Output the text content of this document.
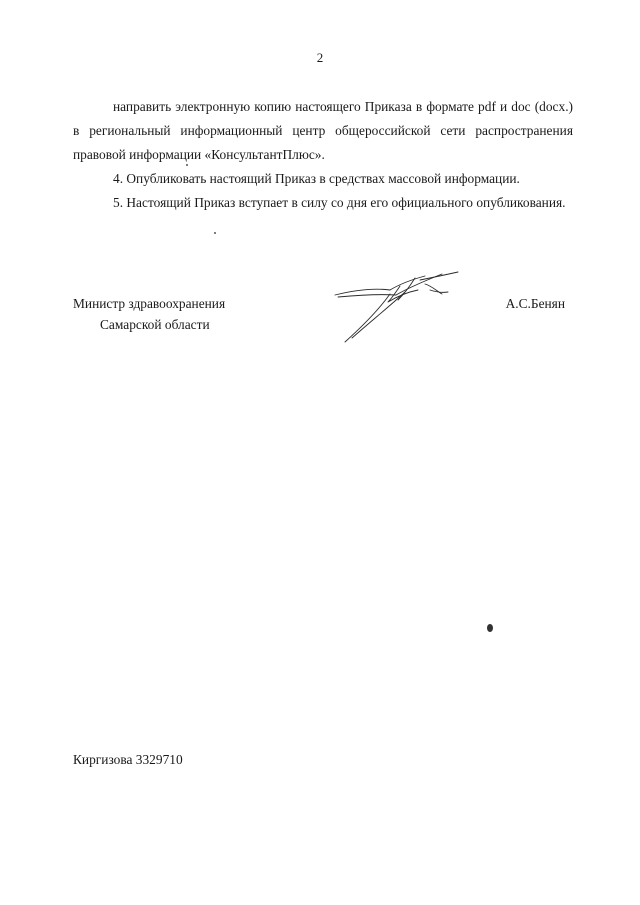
2

направить электронную копию настоящего Приказа в формате pdf и doc (docx.) в региональный информационный центр общероссийской сети распространения правовой информации «КонсультантПлюс».

4. Опубликовать настоящий Приказ в средствах массовой информации.

5. Настоящий Приказ вступает в силу со дня его официального опубликования.

Министр здравоохранения
Самарской области
А.С.Бенян
Киргизова 3329710
